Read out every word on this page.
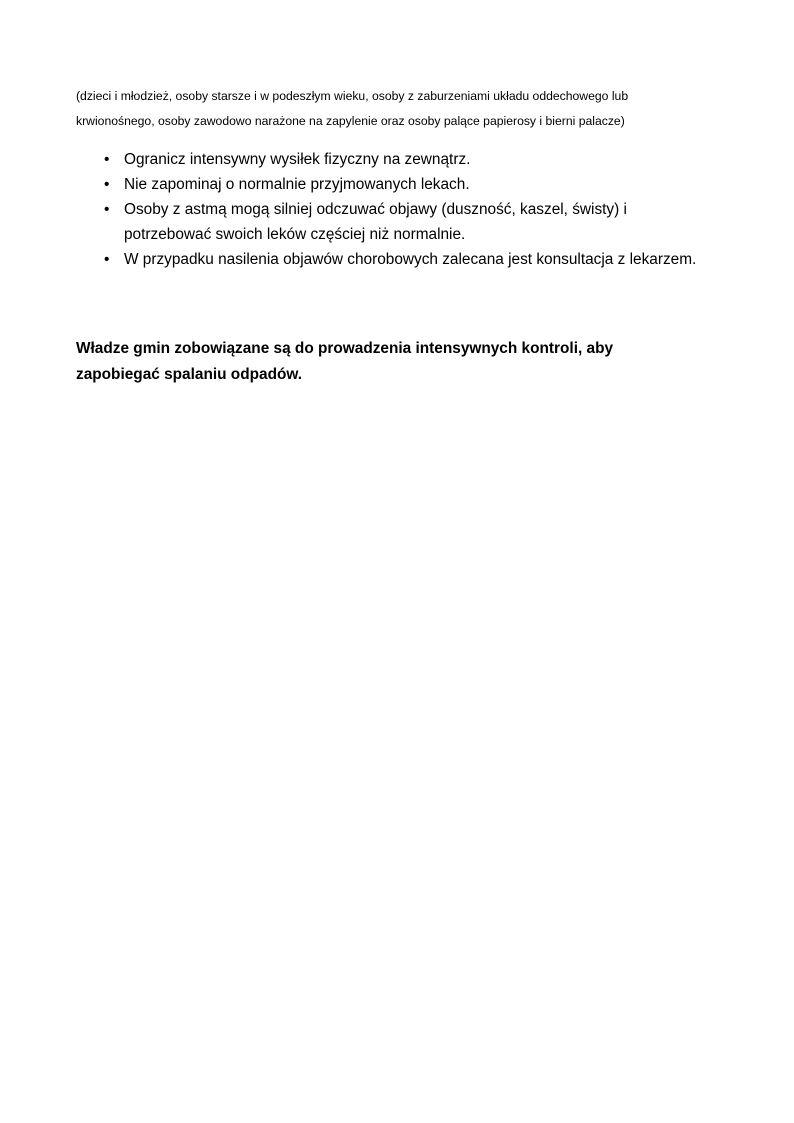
(dzieci i młodzież, osoby starsze i w podeszłym wieku, osoby z zaburzeniami układu oddechowego lub
krwionośnego, osoby zawodowo narażone na zapylenie oraz osoby palące papierosy i bierni palacze)

• Ogranicz intensywny wysiłek fizyczny na zewnątrz.
• Nie zapominaj o normalnie przyjmowanych lekach.
• Osoby z astmą mogą silniej odczuwać objawy (duszność, kaszel, świsty) i
potrzebować swoich leków częściej niż normalnie.
• W przypadku nasilenia objawów chorobowych zalecana jest konsultacja z lekarzem.

Władze gmin zobowiązane są do prowadzenia intensywnych kontroli, aby
zapobiegać spalaniu odpadów.
